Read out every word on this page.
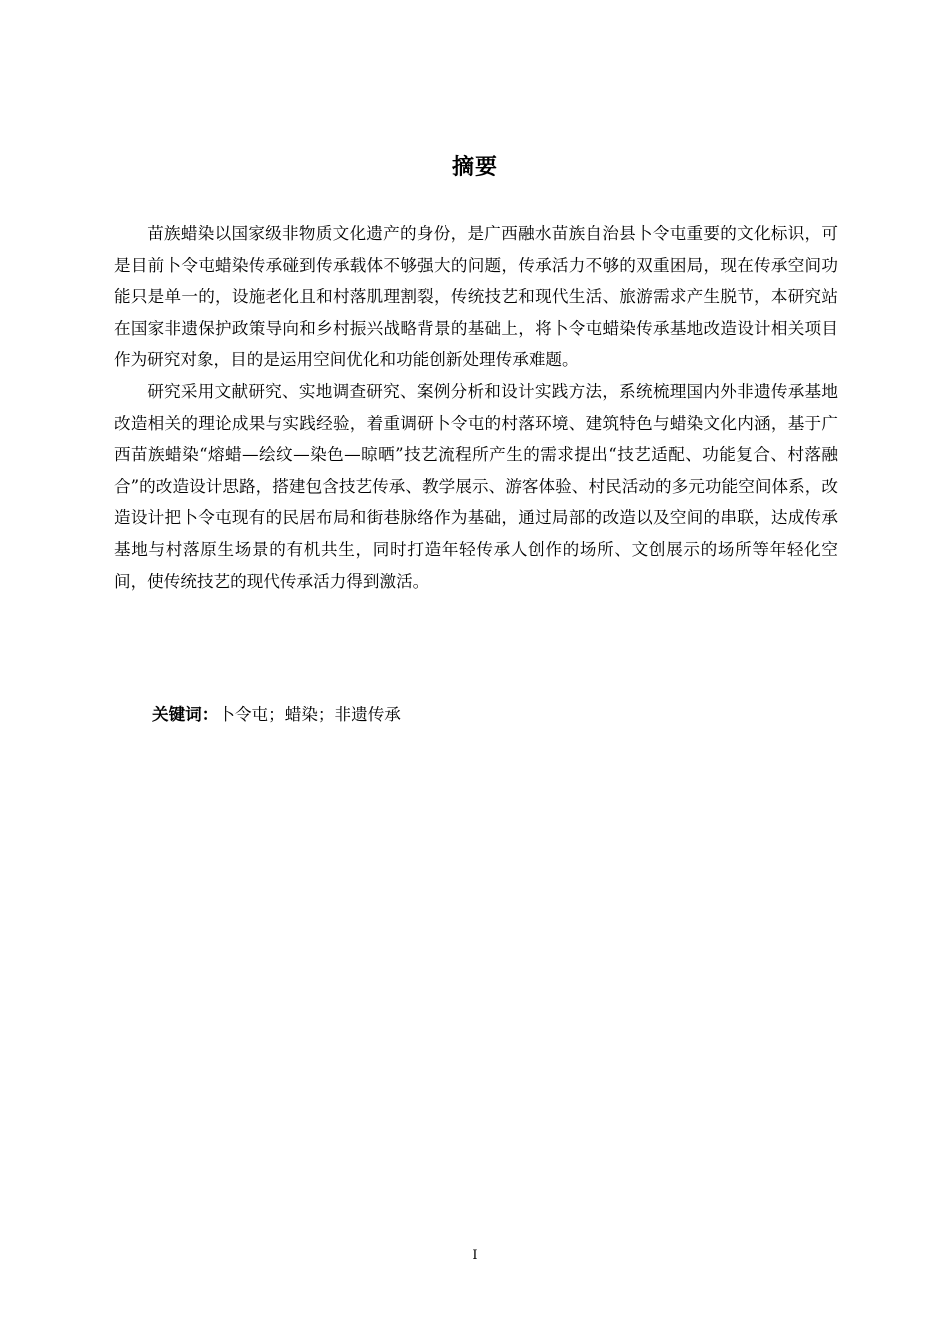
摘要

苗族蜡染以国家级非物质文化遗产的身份，是广西融水苗族自治县卜令屯重要的文化标识，可是目前卜令屯蜡染传承碰到传承载体不够强大的问题，传承活力不够的双重困局，现在传承空间功能只是单一的，设施老化且和村落肌理割裂，传统技艺和现代生活、旅游需求产生脱节，本研究站在国家非遗保护政策导向和乡村振兴战略背景的基础上，将卜令屯蜡染传承基地改造设计相关项目作为研究对象，目的是运用空间优化和功能创新处理传承难题。

研究采用文献研究、实地调查研究、案例分析和设计实践方法，系统梳理国内外非遗传承基地改造相关的理论成果与实践经验，着重调研卜令屯的村落环境、建筑特色与蜡染文化内涵，基于广西苗族蜡染“熔蜡—绘纹—染色—晾晒”技艺流程所产生的需求提出“技艺适配、功能复合、村落融合”的改造设计思路，搭建包含技艺传承、教学展示、游客体验、村民活动的多元功能空间体系，改造设计把卜令屯现有的民居布局和街巷脉络作为基础，通过局部的改造以及空间的串联，达成传承基地与村落原生场景的有机共生，同时打造年轻传承人创作的场所、文创展示的场所等年轻化空间，使传统技艺的现代传承活力得到激活。

关键词：卜令屯；蜡染；非遗传承
I
